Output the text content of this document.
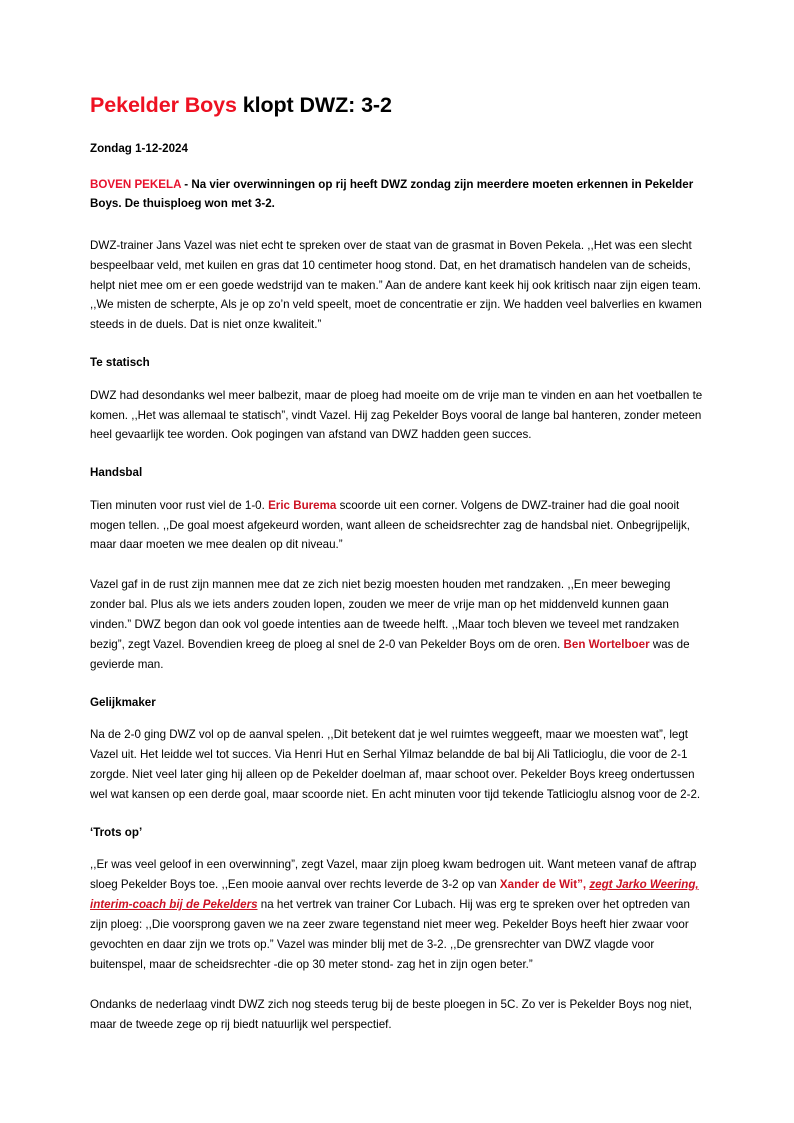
Pekelder Boys klopt DWZ: 3-2
Zondag 1-12-2024

BOVEN PEKELA - Na vier overwinningen op rij heeft DWZ zondag zijn meerdere moeten erkennen in Pekelder Boys. De thuisploeg won met 3-2.

DWZ-trainer Jans Vazel was niet echt te spreken over de staat van de grasmat in Boven Pekela. ,,Het was een slecht bespeelbaar veld, met kuilen en gras dat 10 centimeter hoog stond. Dat, en het dramatisch handelen van de scheids, helpt niet mee om er een goede wedstrijd van te maken.” Aan de andere kant keek hij ook kritisch naar zijn eigen team. ,,We misten de scherpte, Als je op zo’n veld speelt, moet de concentratie er zijn. We hadden veel balverlies en kwamen steeds in de duels. Dat is niet onze kwaliteit.”

Te statisch

DWZ had desondanks wel meer balbezit, maar de ploeg had moeite om de vrije man te vinden en aan het voetballen te komen. ,,Het was allemaal te statisch”, vindt Vazel. Hij zag Pekelder Boys vooral de lange bal hanteren, zonder meteen heel gevaarlijk tee worden. Ook pogingen van afstand van DWZ hadden geen succes.

Handsbal

Tien minuten voor rust viel de 1-0. Eric Burema scoorde uit een corner. Volgens de DWZ-trainer had die goal nooit mogen tellen. ,,De goal moest afgekeurd worden, want alleen de scheidsrechter zag de handsbal niet. Onbegrijpelijk, maar daar moeten we mee dealen op dit niveau.”

Vazel gaf in de rust zijn mannen mee dat ze zich niet bezig moesten houden met randzaken. ,,En meer beweging zonder bal. Plus als we iets anders zouden lopen, zouden we meer de vrije man op het middenveld kunnen gaan vinden.” DWZ begon dan ook vol goede intenties aan de tweede helft. ,,Maar toch bleven we teveel met randzaken bezig”, zegt Vazel. Bovendien kreeg de ploeg al snel de 2-0 van Pekelder Boys om de oren. Ben Wortelboer was de gevierde man.

Gelijkmaker

Na de 2-0 ging DWZ vol op de aanval spelen. ,,Dit betekent dat je wel ruimtes weggeeft, maar we moesten wat”, legt Vazel uit. Het leidde wel tot succes. Via Henri Hut en Serhal Yilmaz belandde de bal bij Ali Tatlicioglu, die voor de 2-1 zorgde. Niet veel later ging hij alleen op de Pekelder doelman af, maar schoot over. Pekelder Boys kreeg ondertussen wel wat kansen op een derde goal, maar scoorde niet. En acht minuten voor tijd tekende Tatlicioglu alsnog voor de 2-2.

‘Trots op’

,,Er was veel geloof in een overwinning”, zegt Vazel, maar zijn ploeg kwam bedrogen uit. Want meteen vanaf de aftrap sloeg Pekelder Boys toe. ,,Een mooie aanval over rechts leverde de 3-2 op van Xander de Wit”, zegt Jarko Weering, interim-coach bij de Pekelders na het vertrek van trainer Cor Lubach. Hij was erg te spreken over het optreden van zijn ploeg: ,,Die voorsprong gaven we na zeer zware tegenstand niet meer weg. Pekelder Boys heeft hier zwaar voor gevochten en daar zijn we trots op.” Vazel was minder blij met de 3-2. ,,De grensrechter van DWZ vlagde voor buitenspel, maar de scheidsrechter -die op 30 meter stond- zag het in zijn ogen beter.”

Ondanks de nederlaag vindt DWZ zich nog steeds terug bij de beste ploegen in 5C. Zo ver is Pekelder Boys nog niet, maar de tweede zege op rij biedt natuurlijk wel perspectief.
